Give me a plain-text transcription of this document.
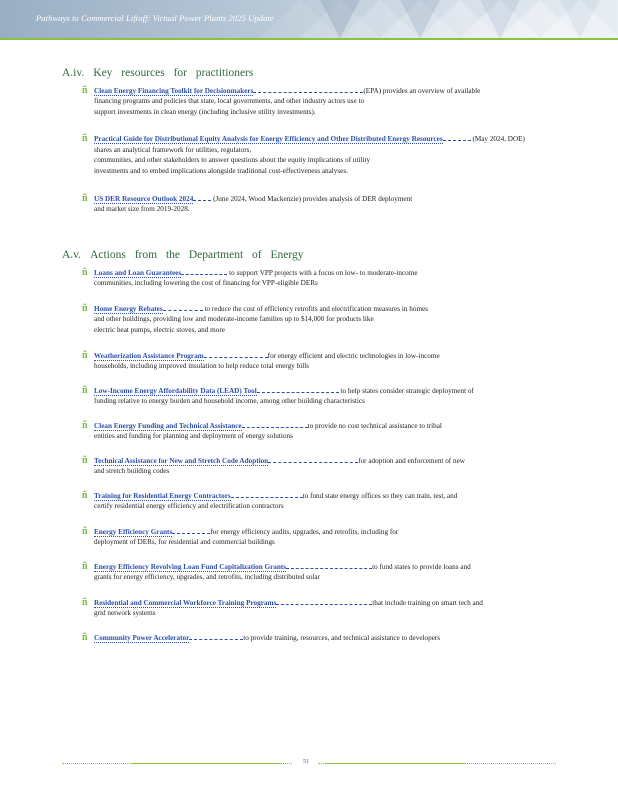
Pathways to Commercial Liftoff: Virtual Power Plants 2025 Update
A.iv. Key resources for practitioners
ñ Clean Energy Financing Toolkit for Decisionmakers	(EPA) provides an overview of available
financing programs and policies that state, local governments, and other industry actors use to
support investments in clean energy (including inclusive utility investments).
ñ Practical Guide for Distributional Equity Analysis for Energy Efficiency and Other Distributed Energy Resources	(May 2024, DOE) shares an analytical framework for utilities, regulators,
communities, and other stakeholders to answer questions about the equity implications of utility
investments and to embed implications alongside traditional cost-effectiveness analyses.
ñ US DER Resource Outlook 2024	(June 2024, Wood Mackenzie) provides analysis of DER deployment
and market size from 2019-2028.
A.v. Actions from the Department of Energy
ñ Loans and Loan Guarantees	to support VPP projects with a focus on low- to moderate-income
communities, including lowering the cost of financing for VPP-eligible DERs
ñ Home Energy Rebates	to reduce the cost of efficiency retrofits and electrification measures in homes
and other buildings, providing low and moderate-income families up to $14,000 for products like
electric heat pumps, electric stoves, and more
ñ Weatherization Assistance Program	for energy efficient and electric technologies in low-income
households, including improved insulation to help reduce total energy bills
ñ Low-Income Energy Affordability Data (LEAD) Tool	to help states consider strategic deployment of
funding relative to energy burden and household income, among other building characteristics
ñ Clean Energy Funding and Technical Assistance	to provide no cost technical assistance to tribal
entities and funding for planning and deployment of energy solutions
ñ Technical Assistance for New and Stretch Code Adoption	for adoption and enforcement of new
and stretch building codes
ñ Training for Residential Energy Contractors	to fund state energy offices so they can train, test, and
certify residential energy efficiency and electrification contractors
ñ Energy Efficiency Grants	for energy efficiency audits, upgrades, and retrofits, including for
deployment of DERs, for residential and commercial buildings
ñ Energy Efficiency Revolving Loan Fund Capitalization Grants	to fund states to provide loans and
grants for energy efficiency, upgrades, and retrofits, including distributed solar
ñ Residential and Commercial Workforce Training Programs	that include training on smart tech and
grid network systems
ñ Community Power Accelerator	to provide training, resources, and technical assistance to developers
51
